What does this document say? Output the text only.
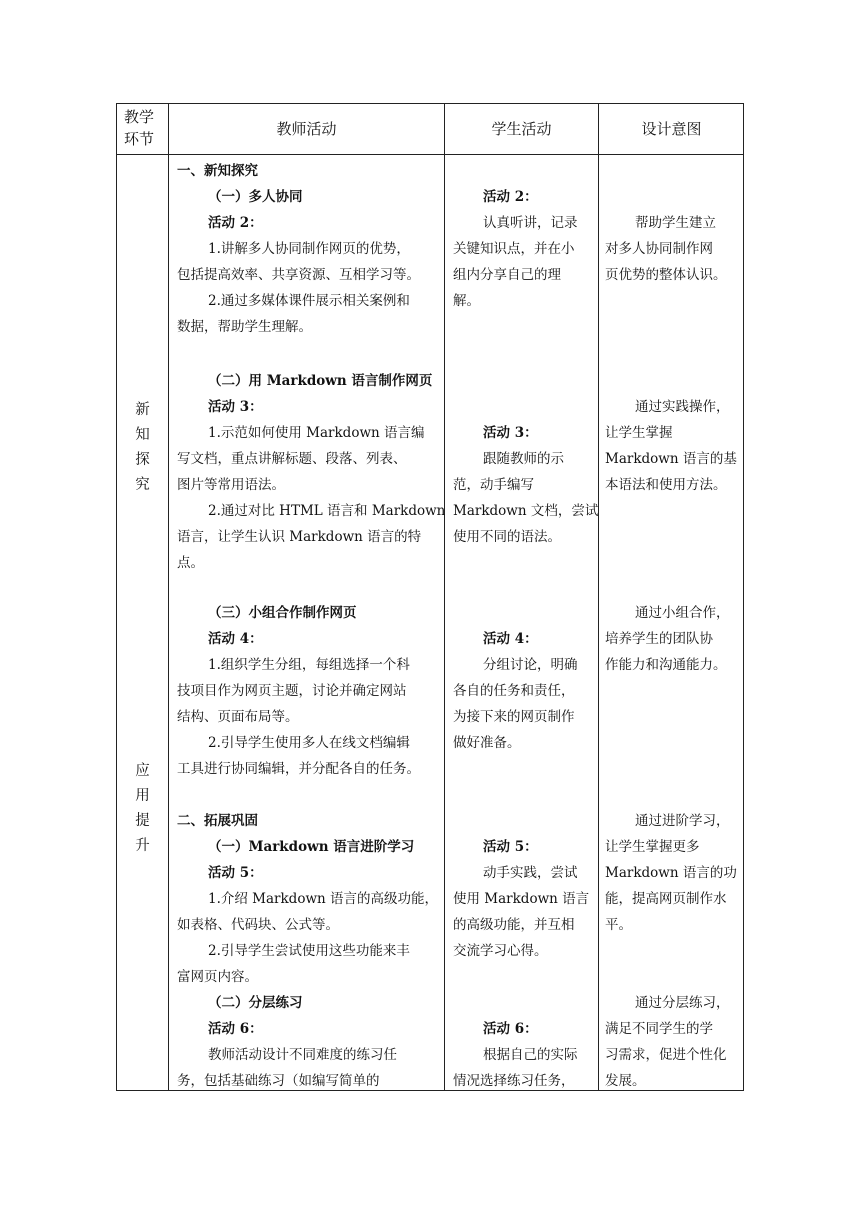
教学
环节
教师活动	学生活动	设计意图
新
知
探
究
应
用
提
升
一、新知探究
（一）多人协同
活动 2：
1.讲解多人协同制作网页的优势，
包括提高效率、共享资源、互相学习等。
2.通过多媒体课件展示相关案例和
数据，帮助学生理解。
（二）用 Markdown 语言制作网页
活动 3：
1.示范如何使用 Markdown 语言编
写文档，重点讲解标题、段落、列表、
图片等常用语法。
2.通过对比 HTML 语言和 Markdown
语言，让学生认识 Markdown 语言的特
点。
（三）小组合作制作网页
活动 4：
1.组织学生分组，每组选择一个科
技项目作为网页主题，讨论并确定网站
结构、页面布局等。
2.引导学生使用多人在线文档编辑
工具进行协同编辑，并分配各自的任务。
二、拓展巩固
（一）Markdown 语言进阶学习
活动 5：
1.介绍 Markdown 语言的高级功能，
如表格、代码块、公式等。
2.引导学生尝试使用这些功能来丰
富网页内容。
（二）分层练习
活动 6：
教师活动设计不同难度的练习任
务，包括基础练习（如编写简单的
活动 2：
认真听讲，记录
关键知识点，并在小
组内分享自己的理
解。
活动 3：
跟随教师的示
范，动手编写
Markdown 文档，尝试
使用不同的语法。
活动 4：
分组讨论，明确
各自的任务和责任，
为接下来的网页制作
做好准备。
活动 5：
动手实践，尝试
使用 Markdown 语言
的高级功能，并互相
交流学习心得。
活动 6：
根据自己的实际
情况选择练习任务，
帮助学生建立
对多人协同制作网
页优势的整体认识。
通过实践操作，
让学生掌握
Markdown 语言的基
本语法和使用方法。
通过小组合作，
培养学生的团队协
作能力和沟通能力。
通过进阶学习，
让学生掌握更多
Markdown 语言的功
能，提高网页制作水
平。
通过分层练习，
满足不同学生的学
习需求，促进个性化
发展。
